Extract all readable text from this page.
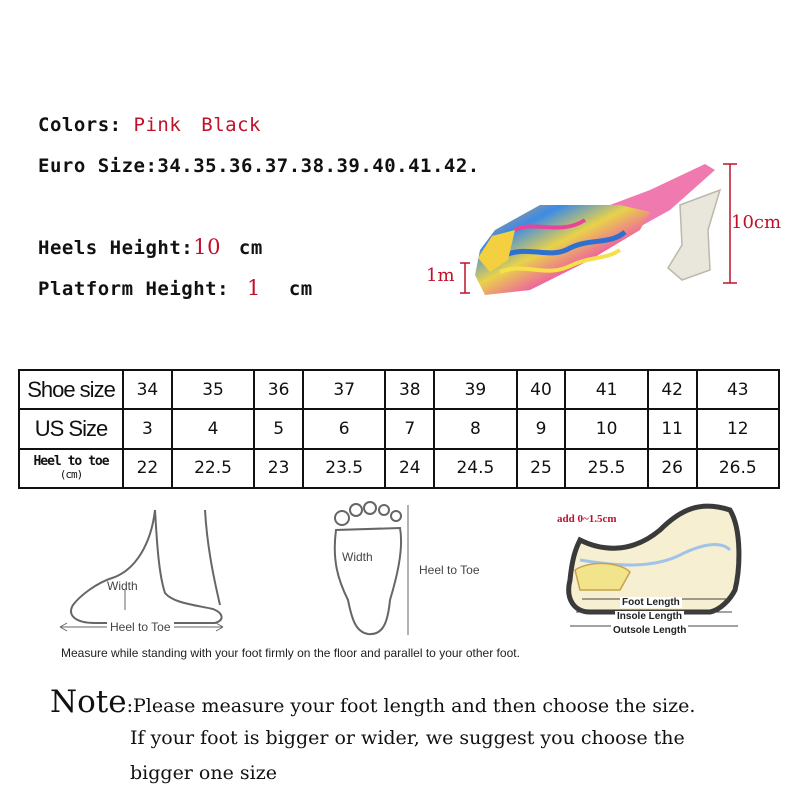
Colors: Pink Black
Euro Size:34.35.36.37.38.39.40.41.42.
Heels Height:10 cm
Platform Height: 1 cm
10cm
1m
Shoe size	34	35	36	37	38	39	40	41	42	43
US Size	3	4	5	6	7	8	9	10	11	12

Heel to toe
(cm)	22	22.5	23	23.5	24	24.5	25	25.5	26	26.5
Width
Heel to Toe
Width
Heel to Toe
add 0~1.5cm
Foot Length
Insole Length
Outsole Length
Measure while standing with your foot firmly on the floor and parallel to your other foot.
Note:Please measure your foot length and then choose the size.
If your foot is bigger or wider, we suggest you choose the
bigger one size
